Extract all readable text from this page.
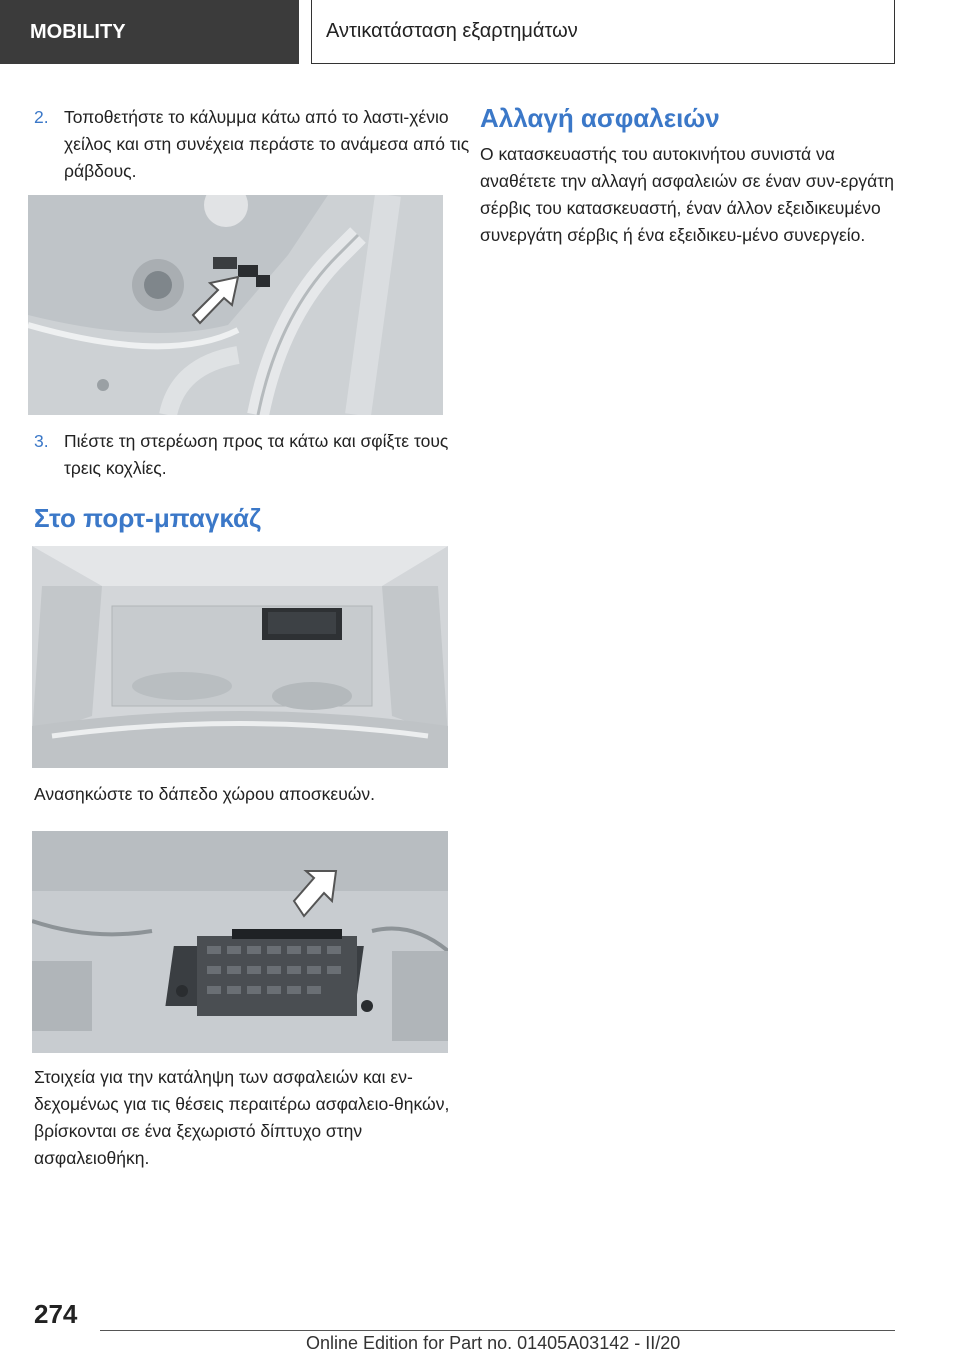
MOBILITY	Αντικατάσταση εξαρτημάτων
2. Τοποθετήστε το κάλυμμα κάτω από το λαστι-χένιο χείλος και στη συνέχεια περάστε το ανάμεσα από τις ράβδους.
3. Πιέστε τη στερέωση προς τα κάτω και σφίξτε τους τρεις κοχλίες.
Στο πορτ-μπαγκάζ
Ανασηκώστε το δάπεδο χώρου αποσκευών.
Στοιχεία για την κατάληψη των ασφαλειών και εν-δεχομένως για τις θέσεις περαιτέρω ασφαλειο-θηκών, βρίσκονται σε ένα ξεχωριστό δίπτυχο στην ασφαλειοθήκη.
Αλλαγή ασφαλειών
Ο κατασκευαστής του αυτοκινήτου συνιστά να αναθέτετε την αλλαγή ασφαλειών σε έναν συν-εργάτη σέρβις του κατασκευαστή, έναν άλλον εξειδικευμένο συνεργάτη σέρβις ή ένα εξειδικευ-μένο συνεργείο.
274
Online Edition for Part no. 01405A03142 - II/20
